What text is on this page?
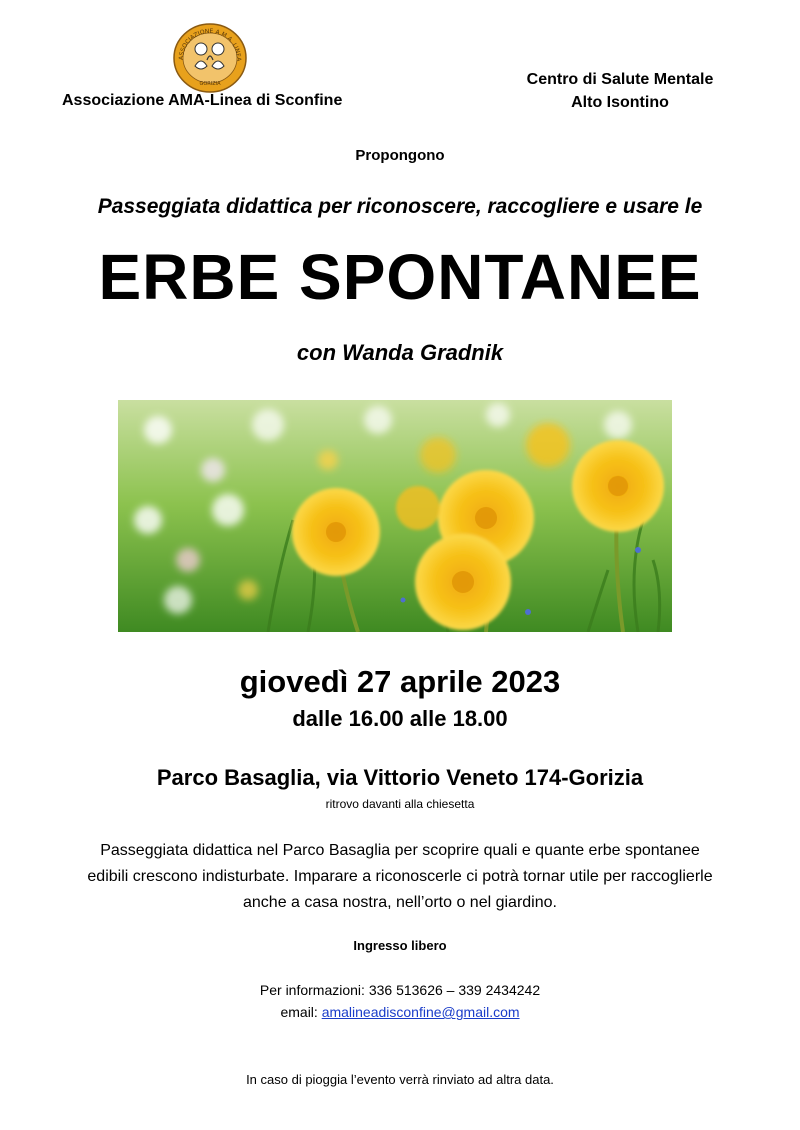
ASSOCIAZIONE A.M.A. LINEA
GORIZIA
Associazione AMA-Linea di Sconfine
Centro di Salute Mentale
Alto Isontino
Propongono
Passeggiata didattica per riconoscere, raccogliere e usare le
ERBE SPONTANEE
con Wanda Gradnik
giovedì 27 aprile 2023
dalle 16.00 alle 18.00
Parco Basaglia, via Vittorio Veneto 174-Gorizia
ritrovo davanti alla chiesetta
Passeggiata didattica nel Parco Basaglia per scoprire quali e quante erbe spontanee
edibili crescono indisturbate. Imparare a riconoscerle ci potrà tornar utile per raccoglierle
anche a casa nostra, nell’orto o nel giardino.
Ingresso libero
Per informazioni: 336 513626 – 339 2434242
email: amalineadisconfine@gmail.com
In caso di pioggia l’evento verrà rinviato ad altra data.
